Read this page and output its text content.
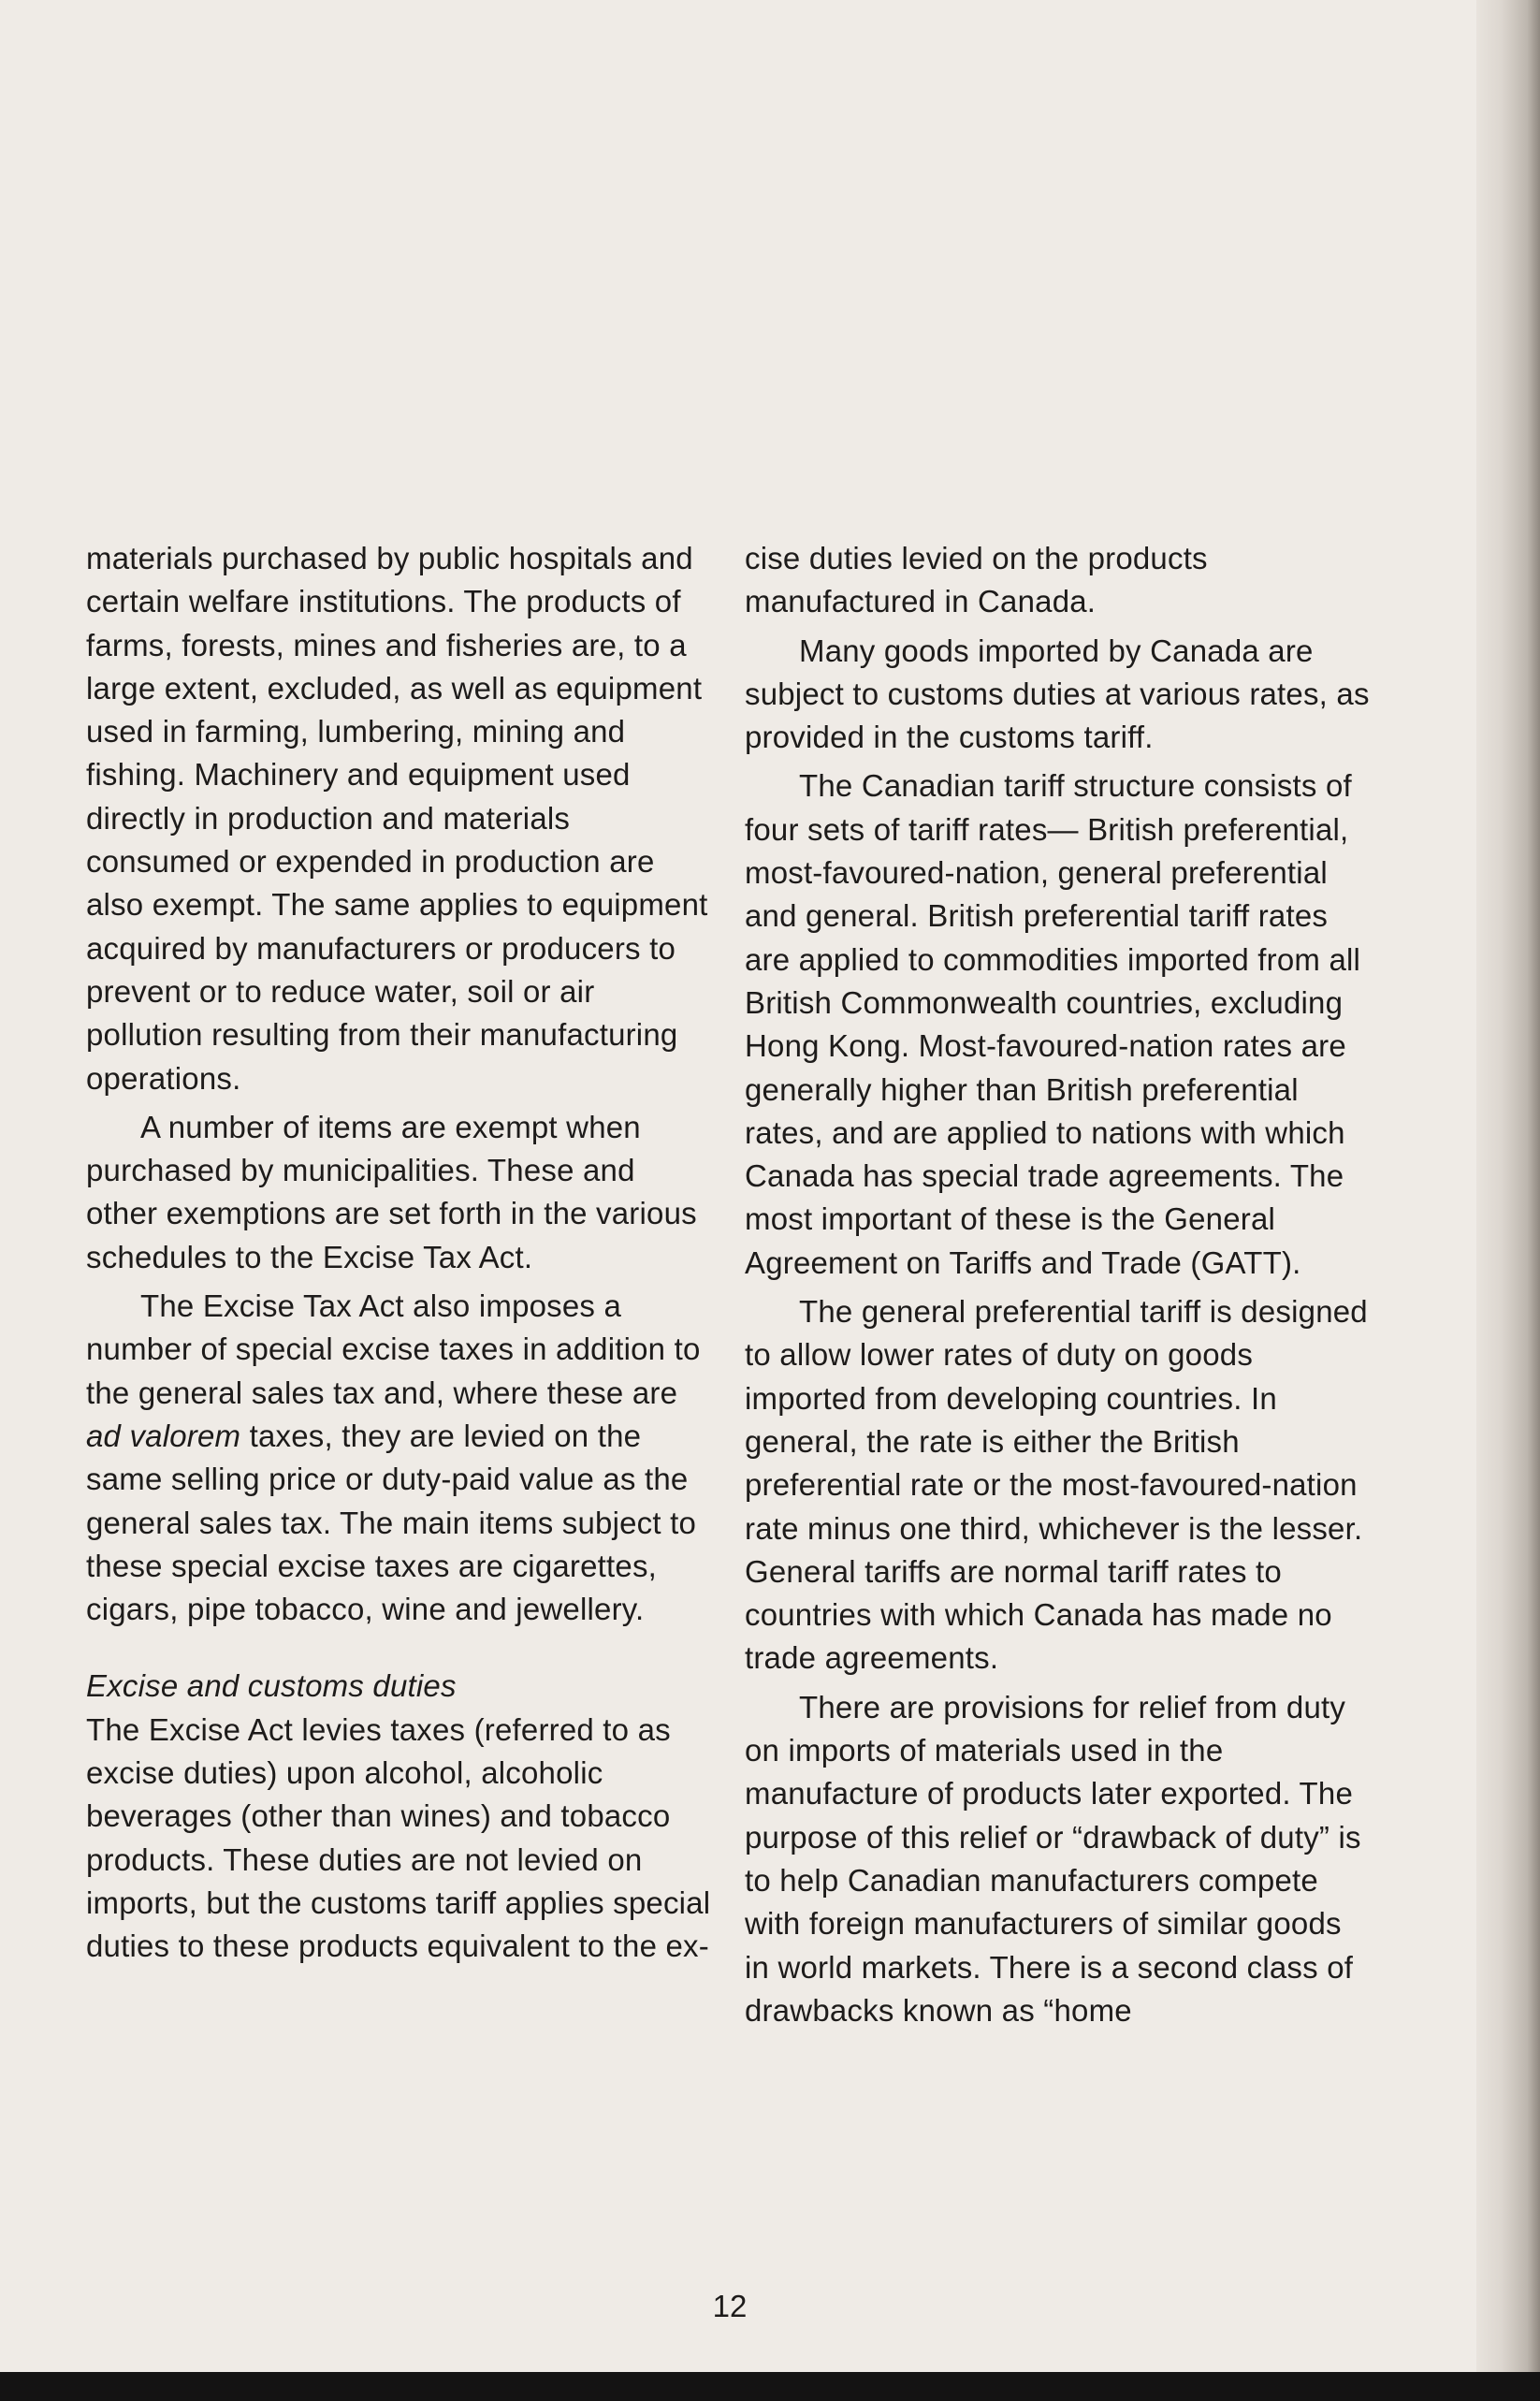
materials purchased by public hospitals and certain welfare institutions. The products of farms, forests, mines and fisheries are, to a large extent, excluded, as well as equipment used in farming, lumbering, mining and fishing. Machinery and equipment used directly in production and materials consumed or expended in production are also exempt. The same applies to equipment acquired by manufacturers or producers to prevent or to reduce water, soil or air pollution resulting from their manufacturing operations.

A number of items are exempt when purchased by municipalities. These and other exemptions are set forth in the various schedules to the Excise Tax Act.

The Excise Tax Act also imposes a number of special excise taxes in addition to the general sales tax and, where these are ad valorem taxes, they are levied on the same selling price or duty-paid value as the general sales tax. The main items subject to these special excise taxes are cigarettes, cigars, pipe tobacco, wine and jewellery.

Excise and customs duties

The Excise Act levies taxes (referred to as excise duties) upon alcohol, alcoholic beverages (other than wines) and tobacco products. These duties are not levied on imports, but the customs tariff applies special duties to these products equivalent to the ex-

cise duties levied on the products manufactured in Canada.

Many goods imported by Canada are subject to customs duties at various rates, as provided in the customs tariff.

The Canadian tariff structure consists of four sets of tariff rates— British preferential, most-favoured-nation, general preferential and general. British preferential tariff rates are applied to commodities imported from all British Commonwealth countries, excluding Hong Kong. Most-favoured-nation rates are generally higher than British preferential rates, and are applied to nations with which Canada has special trade agreements. The most important of these is the General Agreement on Tariffs and Trade (GATT).

The general preferential tariff is designed to allow lower rates of duty on goods imported from developing countries. In general, the rate is either the British preferential rate or the most-favoured-nation rate minus one third, whichever is the lesser. General tariffs are normal tariff rates to countries with which Canada has made no trade agreements.

There are provisions for relief from duty on imports of materials used in the manufacture of products later exported. The purpose of this relief or “drawback of duty” is to help Canadian manufacturers compete with foreign manufacturers of similar goods in world markets. There is a second class of drawbacks known as “home

12
